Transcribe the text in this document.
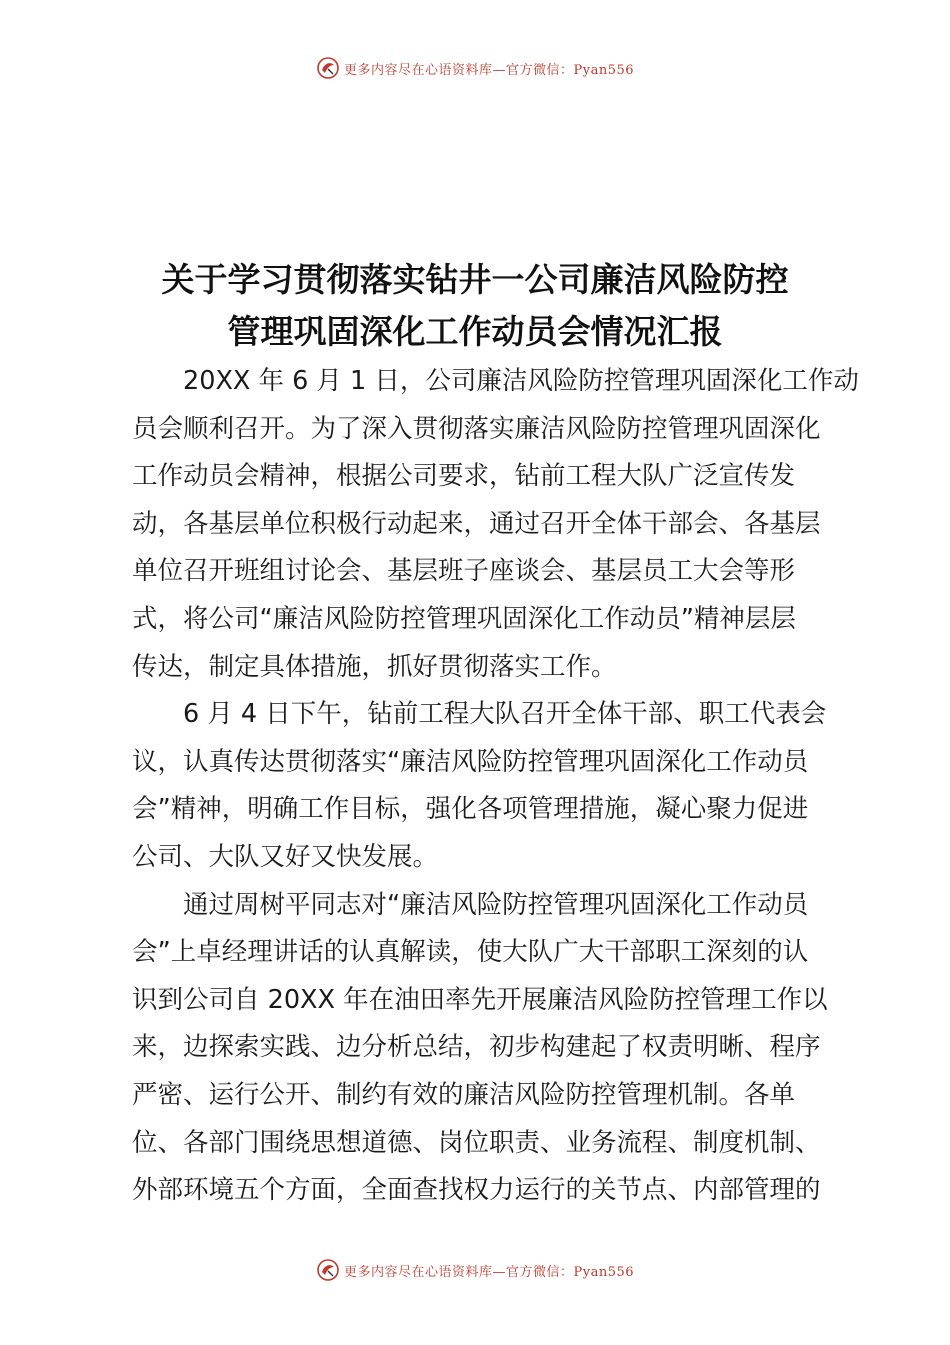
更多内容尽在心语资料库—官方微信：Pyan556
关于学习贯彻落实钻井一公司廉洁风险防控
管理巩固深化工作动员会情况汇报
20XX 年 6 月 1 日，公司廉洁风险防控管理巩固深化工作动
员会顺利召开。为了深入贯彻落实廉洁风险防控管理巩固深化
工作动员会精神，根据公司要求，钻前工程大队广泛宣传发
动，各基层单位积极行动起来，通过召开全体干部会、各基层
单位召开班组讨论会、基层班子座谈会、基层员工大会等形
式，将公司“廉洁风险防控管理巩固深化工作动员”精神层层
传达，制定具体措施，抓好贯彻落实工作。
6 月 4 日下午，钻前工程大队召开全体干部、职工代表会
议，认真传达贯彻落实“廉洁风险防控管理巩固深化工作动员
会”精神，明确工作目标，强化各项管理措施，凝心聚力促进
公司、大队又好又快发展。
通过周树平同志对“廉洁风险防控管理巩固深化工作动员
会”上卓经理讲话的认真解读，使大队广大干部职工深刻的认
识到公司自 20XX 年在油田率先开展廉洁风险防控管理工作以
来，边探索实践、边分析总结，初步构建起了权责明晰、程序
严密、运行公开、制约有效的廉洁风险防控管理机制。各单
位、各部门围绕思想道德、岗位职责、业务流程、制度机制、
外部环境五个方面，全面查找权力运行的关节点、内部管理的
更多内容尽在心语资料库—官方微信：Pyan556
